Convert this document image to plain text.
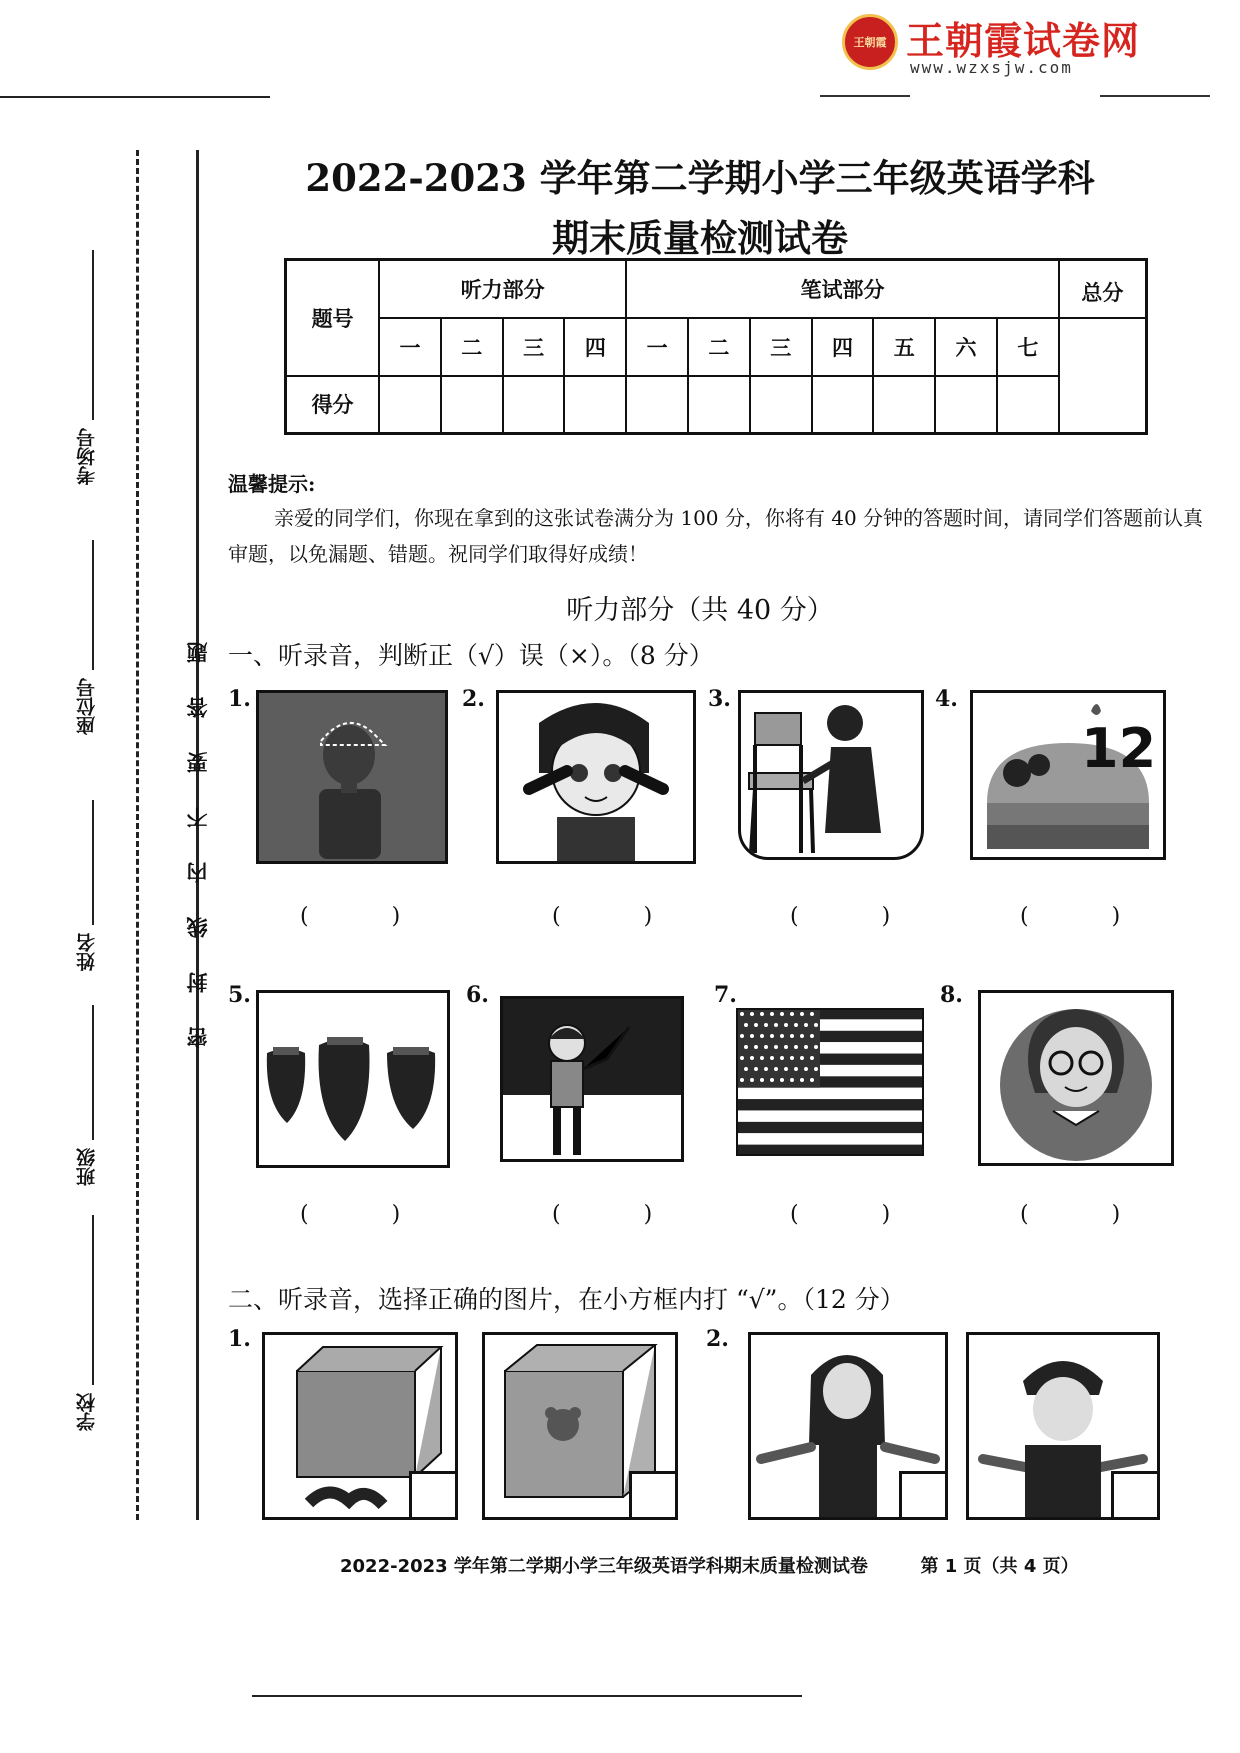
王朝霞 王朝霞试卷网
www.wzxsjw.com
考场号
座位号
姓名
班级
学校
密封线内不要答题
2022-2023 学年第二学期小学三年级英语学科
期末质量检测试卷
题号	听力部分				笔试部分							总分
	一	二	三	四	一	二	三	四	五	六	七	
得分												
温馨提示:
亲爱的同学们，你现在拿到的这张试卷满分为 100 分，你将有 40 分钟的答题时间，请同学们答题前认真审题，以免漏题、错题。祝同学们取得好成绩！
听力部分（共 40 分）
一、听录音，判断正（√）误（×）。（8 分）
1.	2.	3.	4.
12
( )	( )	( )	( )
5.	6.	7.	8.
( )	( )	( )	( )
二、听录音，选择正确的图片，在小方框内打 “√”。（12 分）
1.	2.
2022-2023 学年第二学期小学三年级英语学科期末质量检测试卷	第 1 页（共 4 页）
